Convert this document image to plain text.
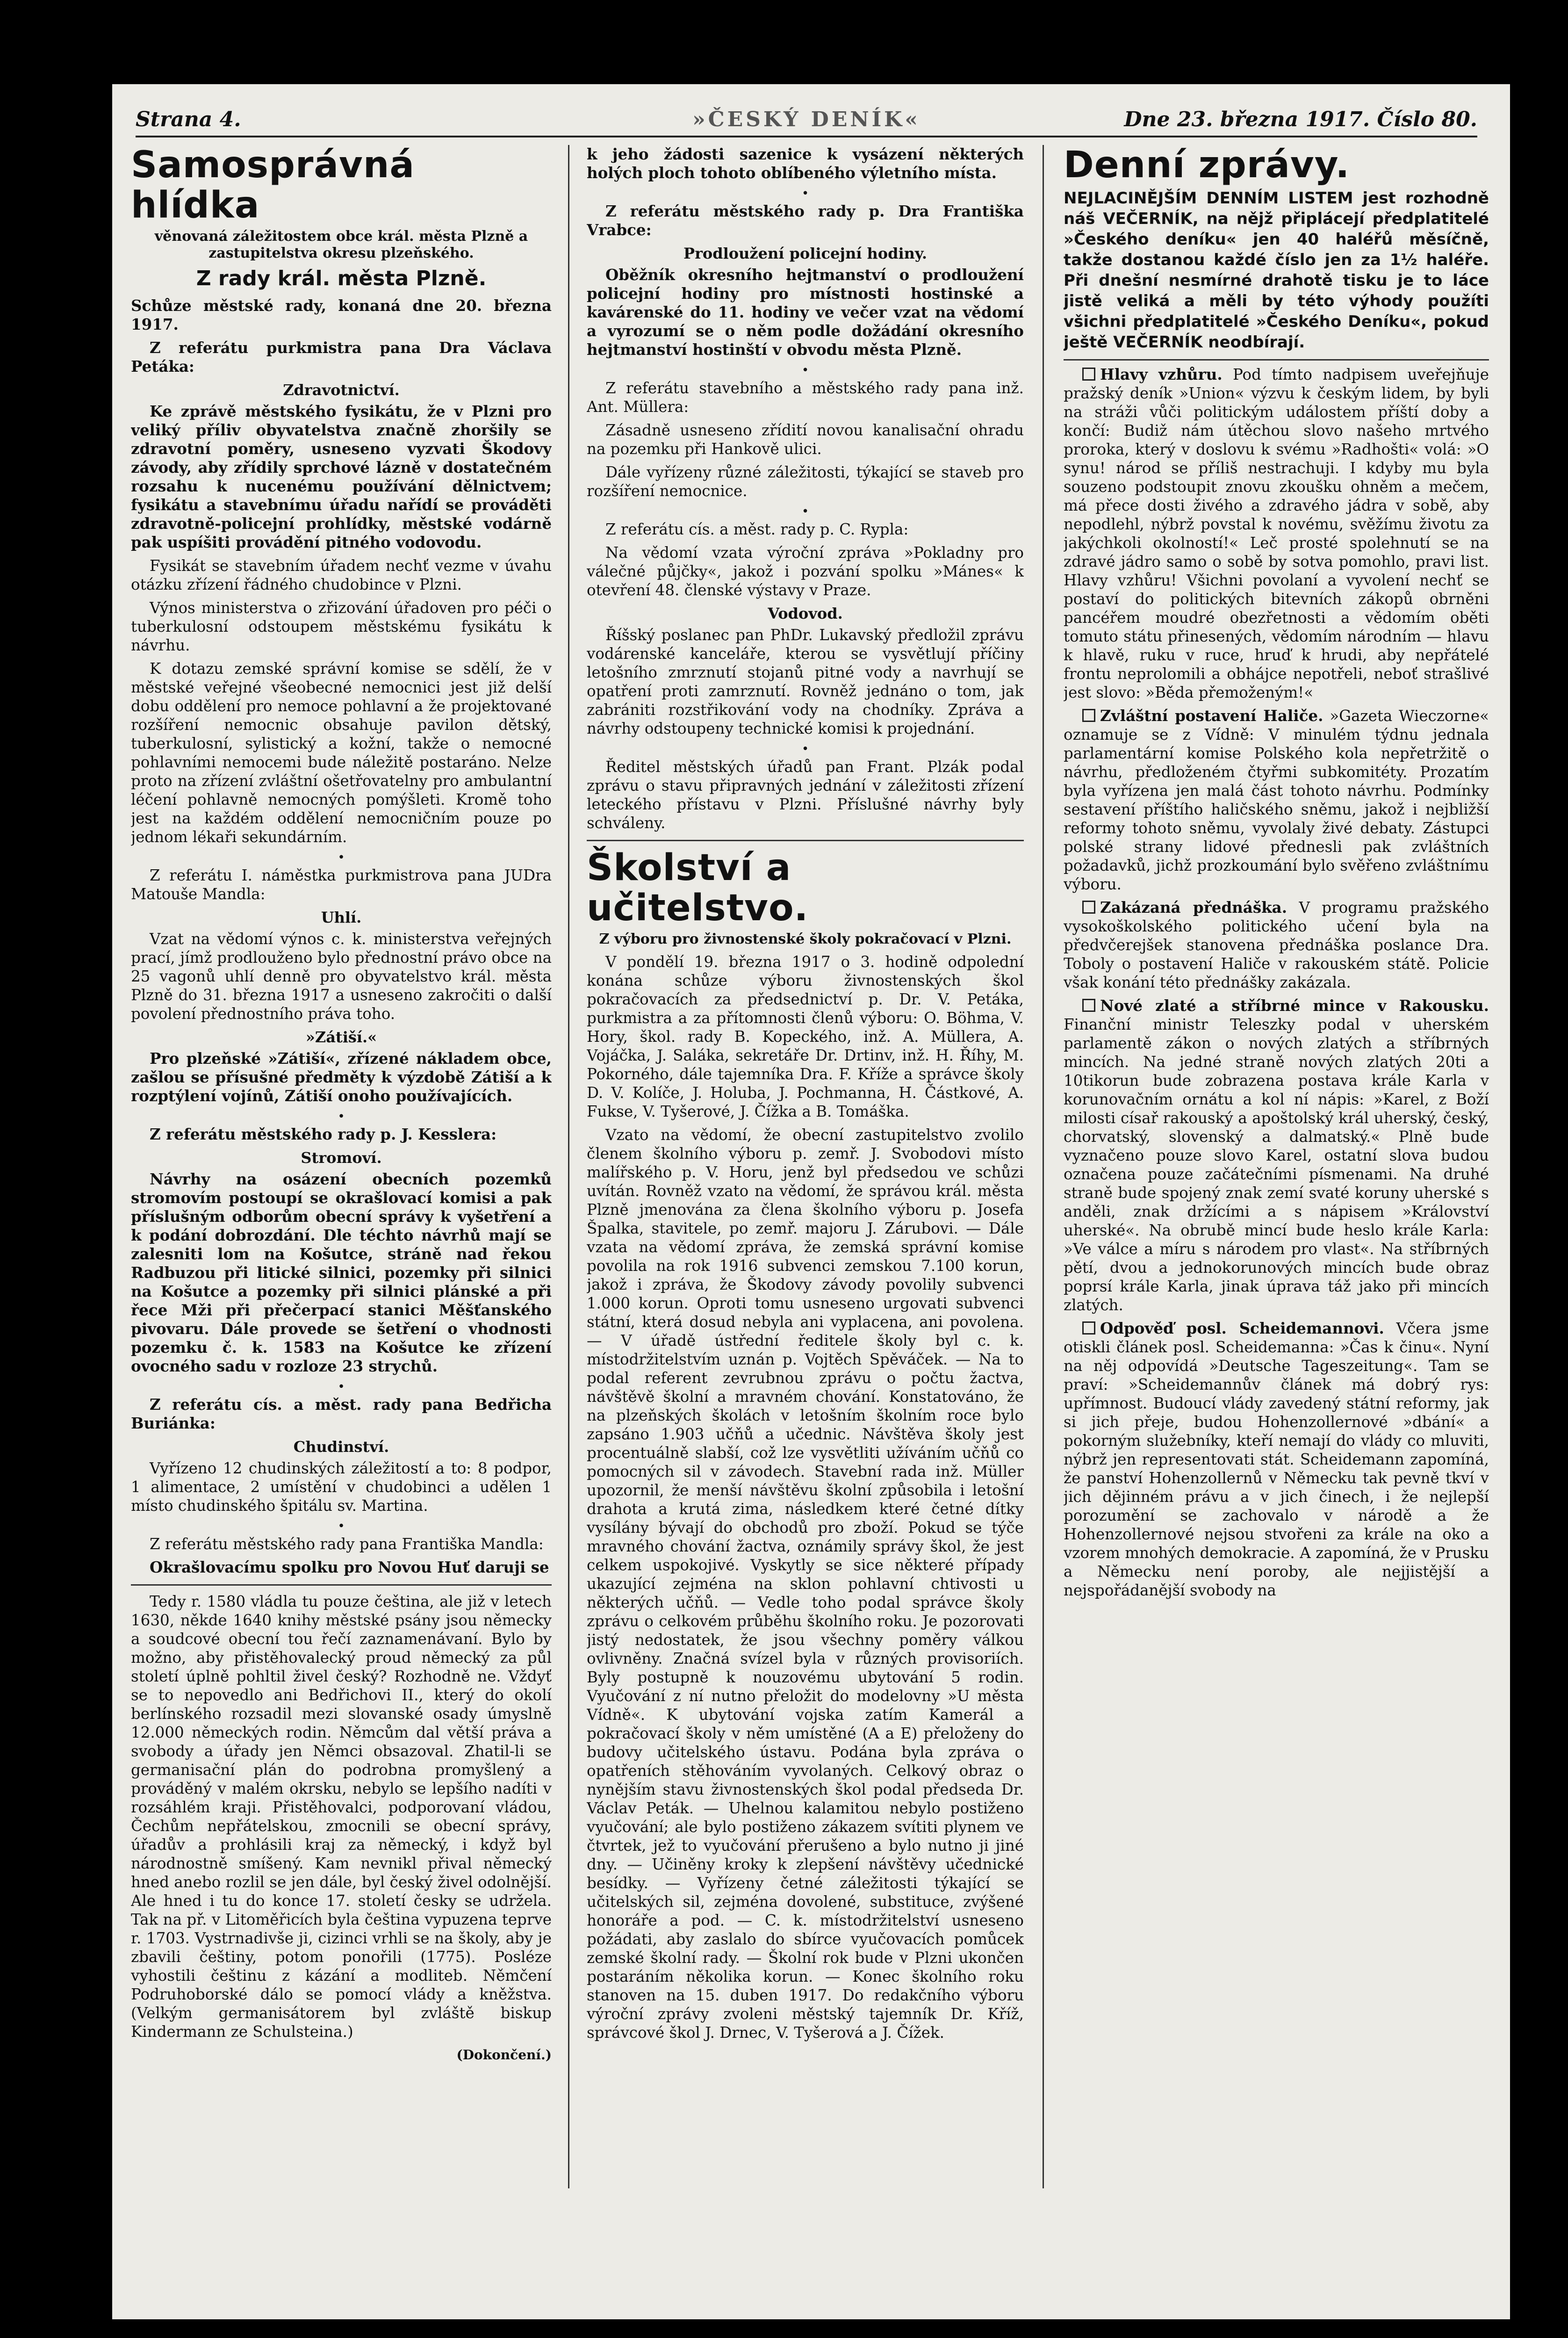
Strana 4.	»ČESKÝ DENÍK«	Dne 23. března 1917. Číslo 80.
Samosprávná hlídka
věnovaná záležitostem obce král. města Plzně a zastupitelstva okresu plzeňského.
Z rady král. města Plzně.

Schůze městské rady, konaná dne 20. března 1917.

Z referátu purkmistra pana Dra Václava Petáka:

Zdravotnictví.

Ke zprávě městského fysikátu, že v Plzni pro veliký příliv obyvatelstva značně zhoršily se zdravotní poměry, usneseno vyzvati Škodovy závody, aby zřídily sprchové lázně v dostatečném rozsahu k nucenému používání dělnictvem; fysikátu a stavebnímu úřadu nařídí se prováděti zdravotně-policejní prohlídky, městské vodárně pak uspíšiti provádění pitného vodovodu.

Fysikát se stavebním úřadem nechť vezme v úvahu otázku zřízení řádného chudobince v Plzni.

Výnos ministerstva o zřizování úřadoven pro péči o tuberkulosní odstoupem městskému fysikátu k návrhu.

K dotazu zemské správní komise se sdělí, že v městské veřejné všeobecné nemocnici jest již delší dobu oddělení pro nemoce pohlavní a že projektované rozšíření nemocnic obsahuje pavilon dětský, tuberkulosní, sylistický a kožní, takže o nemocné pohlavními nemocemi bude náležitě postaráno. Nelze proto na zřízení zvláštní ošetřovatelny pro ambulantní léčení pohlavně nemocných pomýšleti. Kromě toho jest na každém oddělení nemocničním pouze po jednom lékaři sekundárním.

•

Z referátu I. náměstka purkmistrova pana JUDra Matouše Mandla:

Uhlí.

Vzat na vědomí výnos c. k. ministerstva veřejných prací, jímž prodlouženo bylo přednostní právo obce na 25 vagonů uhlí denně pro obyvatelstvo král. města Plzně do 31. března 1917 a usneseno zakročiti o další povolení přednostního práva toho.

»Zátiší.«

Pro plzeňské »Zátiší«, zřízené nákladem obce, zašlou se přísušné předměty k výzdobě Zátiší a k rozptýlení vojínů, Zátiší onoho používajících.

•

Z referátu městského rady p. J. Kesslera:

Stromoví.

Návrhy na osázení obecních pozemků stromovím postoupí se okrašlovací komisi a pak příslušným odborům obecní správy k vyšetření a k podání dobrozdání. Dle téchto návrhů mají se zalesniti lom na Košutce, stráně nad řekou Radbuzou při litické silnici, pozemky při silnici na Košutce a pozemky při silnici plánské a při řece Mži při přečerpací stanici Měšťanského pivovaru. Dále provede se šetření o vhodnosti pozemku č. k. 1583 na Košutce ke zřízení ovocného sadu v rozloze 23 strychů.

•

Z referátu cís. a měst. rady pana Bedřicha Buriánka:

Chudinství.

Vyřízeno 12 chudinských záležitostí a to: 8 podpor, 1 alimentace, 2 umístění v chudobinci a udělen 1 místo chudinského špitálu sv. Martina.

•

Z referátu městského rady pana Františka Mandla:

Okrašlovacímu spolku pro Novou Huť daruji se

Tedy r. 1580 vládla tu pouze čeština, ale již v letech 1630, někde 1640 knihy městské psány jsou německy a soudcové obecní tou řečí zaznamenávaní. Bylo by možno, aby přistěhovalecký proud německý za půl století úplně pohltil živel český? Rozhodně ne. Vždyť se to nepovedlo ani Bedřichovi II., který do okolí berlínského rozsadil mezi slovanské osady úmyslně 12.000 německých rodin. Němcům dal větší práva a svobody a úřady jen Němci obsazoval. Zhatil-li se germanisační plán do podrobna promyšlený a prováděný v malém okrsku, nebylo se lepšího nadíti v rozsáhlém kraji. Přistěhovalci, podporovaní vládou, Čechům nepřátelskou, zmocnili se obecní správy, úřadův a prohlásili kraj za německý, i když byl národnostně smíšený. Kam nevnikl přival německý hned anebo rozlil se jen dále, byl český živel odolnější. Ale hned i tu do konce 17. století česky se udržela. Tak na př. v Litoměřicích byla čeština vypuzena teprve r. 1703. Vystrnadivše ji, cizinci vrhli se na školy, aby je zbavili češtiny, potom ponořili (1775). Posléze vyhostili češtinu z kázání a modliteb. Němčení Podruhoborské dálo se pomocí vlády a kněžstva. (Velkým germanisátorem byl zvláště biskup Kindermann ze Schulsteina.)

(Dokončení.)

k jeho žádosti sazenice k vysázení některých holých ploch tohoto oblíbeného výletního místa.

•

Z referátu městského rady p. Dra Františka Vrabce:

Prodloužení policejní hodiny.

Oběžník okresního hejtmanství o prodloužení policejní hodiny pro místnosti hostinské a kavárenské do 11. hodiny ve večer vzat na vědomí a vyrozumí se o něm podle dožádání okresního hejtmanství hostinští v obvodu města Plzně.

•

Z referátu stavebního a městského rady pana inž. Ant. Müllera:

Zásadně usneseno zřídití novou kanalisační ohradu na pozemku při Hankově ulici.

Dále vyřízeny různé záležitosti, týkající se staveb pro rozšíření nemocnice.

•

Z referátu cís. a měst. rady p. C. Rypla:

Na vědomí vzata výroční zpráva »Pokladny pro válečné půjčky«, jakož i pozvání spolku »Mánes« k otevření 48. členské výstavy v Praze.

Vodovod.

Říšský poslanec pan PhDr. Lukavský předložil zprávu vodárenské kanceláře, kterou se vysvětlují příčiny letošního zmrznutí stojanů pitné vody a navrhují se opatření proti zamrznutí. Rovněž jednáno o tom, jak zabrániti rozstřikování vody na chodníky. Zpráva a návrhy odstoupeny technické komisi k projednání.

•

Ředitel městských úřadů pan Frant. Plzák podal zprávu o stavu připravných jednání v záležitosti zřízení leteckého přístavu v Plzni. Příslušné návrhy byly schváleny.

Školství a učitelstvo.
Z výboru pro živnostenské školy pokračovací v Plzni.

V pondělí 19. března 1917 o 3. hodině odpolední konána schůze výboru živnostenských škol pokračovacích za předsednictví p. Dr. V. Petáka, purkmistra a za přítomnosti členů výboru: O. Böhma, V. Hory, škol. rady B. Kopeckého, inž. A. Müllera, A. Vojáčka, J. Saláka, sekretáře Dr. Drtinv, inž. H. Říhy, M. Pokorného, dále tajemníka Dra. F. Kříže a správce školy D. V. Kolíče, J. Holuba, J. Pochmanna, H. Částkové, A. Fukse, V. Tyšerové, J. Čížka a B. Tomáška.

Vzato na vědomí, že obecní zastupitelstvo zvolilo členem školního výboru p. zemř. J. Svobodovi místo malířského p. V. Horu, jenž byl předsedou ve schůzi uvítán. Rovněž vzato na vědomí, že správou král. města Plzně jmenována za člena školního výboru p. Josefa Špalka, stavitele, po zemř. majoru J. Zárubovi. — Dále vzata na vědomí zpráva, že zemská správní komise povolila na rok 1916 subvenci zemskou 7.100 korun, jakož i zpráva, že Škodovy závody povolily subvenci 1.000 korun. Oproti tomu usneseno urgovati subvenci státní, která dosud nebyla ani vyplacena, ani povolena. — V úřadě ústřední ředitele školy byl c. k. místodržitelstvím uznán p. Vojtěch Spěváček. — Na to podal referent zevrubnou zprávu o počtu žactva, návštěvě školní a mravném chování. Konstatováno, že na plzeňských školách v letošním školním roce bylo zapsáno 1.903 učňů a učednic. Návštěva školy jest procentuálně slabší, což lze vysvětliti užíváním učňů co pomocných sil v závodech. Stavební rada inž. Müller upozornil, že menší návštěvu školní způsobila i letošní drahota a krutá zima, následkem které četné dítky vysílány bývají do obchodů pro zboží. Pokud se týče mravného chování žactva, oznámily správy škol, že jest celkem uspokojivé. Vyskytly se sice některé případy ukazující zejména na sklon pohlavní chtivosti u některých učňů. — Vedle toho podal správce školy zprávu o celkovém průběhu školního roku. Je pozorovati jistý nedostatek, že jsou všechny poměry válkou ovlivněny. Značná svízel byla v různých provisoriích. Byly postupně k nouzovému ubytování 5 rodin. Vyučování z ní nutno přeložit do modelovny »U města Vídně«. K ubytování vojska zatím Kamerál a pokračovací školy v něm umístěné (A a E) přeloženy do budovy učitelského ústavu. Podána byla zpráva o opatřeních stěhováním vyvolaných. Celkový obraz o nynějším stavu živnostenských škol podal předseda Dr. Václav Peták. — Uhelnou kalamitou nebylo postiženo vyučování; ale bylo postiženo zákazem svítiti plynem ve čtvrtek, jež to vyučování přerušeno a bylo nutno ji jiné dny. — Učiněny kroky k zlepšení návštěvy učednické besídky. — Vyřízeny četné záležitosti týkající se učitelských sil, zejména dovolené, substituce, zvýšené honoráře a pod. — C. k. místodržitelství usneseno požádati, aby zaslalo do sbírce vyučovacích pomůcek zemské školní rady. — Školní rok bude v Plzni ukončen postaráním několika korun. — Konec školního roku stanoven na 15. duben 1917. Do redakčního výboru výroční zprávy zvoleni městský tajemník Dr. Kříž, správcové škol J. Drnec, V. Tyšerová a J. Čížek.

Denní zprávy.
NEJLACINĚJŠÍM DENNÍM LISTEM jest rozhodně náš VEČERNÍK, na nějž připlácejí předplatitelé »Českého deníku« jen 40 haléřů měsíčně, takže dostanou každé číslo jen za 1½ haléře. Při dnešní nesmírné drahotě tisku je to láce jistě veliká a měli by této výhody použíti všichni předplatitelé »Českého Deníku«, pokud ještě VEČERNÍK neodbírají.

Hlavy vzhůru. Pod tímto nadpisem uveřejňuje pražský deník »Union« výzvu k českým lidem, by byli na stráži vůči politickým událostem příští doby a končí: Budiž nám útěchou slovo našeho mrtvého proroka, který v doslovu k svému »Radhošti« volá: »O synu! národ se příliš nestrachuji. I kdyby mu byla souzeno podstoupit znovu zkoušku ohněm a mečem, má přece dosti živého a zdravého jádra v sobě, aby nepodlehl, nýbrž povstal k novému, svěžímu životu za jakýchkoli okolností!« Leč prosté spolehnutí se na zdravé jádro samo o sobě by sotva pomohlo, pravi list. Hlavy vzhůru! Všichni povolaní a vyvolení nechť se postaví do politických bitevních zákopů obrněni pancéřem moudré obezřetnosti a vědomím oběti tomuto státu přinesených, vědomím národním — hlavu k hlavě, ruku v ruce, hruď k hrudi, aby nepřátelé frontu neprolomili a obhájce nepotřeli, neboť strašlivé jest slovo: »Běda přemoženým!«

Zvláštní postavení Haliče. »Gazeta Wieczorne« oznamuje se z Vídně: V minulém týdnu jednala parlamentární komise Polského kola nepřetržitě o návrhu, předloženém čtyřmi subkomitéty. Prozatím byla vyřízena jen malá část tohoto návrhu. Podmínky sestavení příštího haličského sněmu, jakož i nejbližší reformy tohoto sněmu, vyvolaly živé debaty. Zástupci polské strany lidové přednesli pak zvláštních požadavků, jichž prozkoumání bylo svěřeno zvláštnímu výboru.

Zakázaná přednáška. V programu pražského vysokoškolského politického učení byla na předvčerejšek stanovena přednáška poslance Dra. Toboly o postavení Haliče v rakouském státě. Policie však konání této přednášky zakázala.

Nové zlaté a stříbrné mince v Rakousku. Finanční ministr Teleszky podal v uherském parlamentě zákon o nových zlatých a stříbrných mincích. Na jedné straně nových zlatých 20ti a 10tikorun bude zobrazena postava krále Karla v korunovačním ornátu a kol ní nápis: »Karel, z Boží milosti císař rakouský a apoštolský král uherský, český, chorvatský, slovenský a dalmatský.« Plně bude vyznačeno pouze slovo Karel, ostatní slova budou označena pouze začátečními písmenami. Na druhé straně bude spojený znak zemí svaté koruny uherské s anděli, znak držícími a s nápisem »Království uherské«. Na obrubě mincí bude heslo krále Karla: »Ve válce a míru s národem pro vlast«. Na stříbrných pětí, dvou a jednokorunových mincích bude obraz poprsí krále Karla, jinak úprava táž jako při mincích zlatých.

Odpověď posl. Scheidemannovi. Včera jsme otiskli článek posl. Scheidemanna: »Čas k činu«. Nyní na něj odpovídá »Deutsche Tageszeitung«. Tam se praví: »Scheidemannův článek má dobrý rys: upřímnost. Budoucí vlády zavedený státní reformy, jak si jich přeje, budou Hohenzollernové »dbání« a pokorným služebníky, kteří nemají do vlády co mluviti, nýbrž jen representovati stát. Scheidemann zapomíná, že panství Hohenzollernů v Německu tak pevně tkví v jich dějinném právu a v jich činech, i že nejlepší porozumění se zachovalo v národě a že Hohenzollernové nejsou stvořeni za krále na oko a vzorem mnohých demokracie. A zapomíná, že v Prusku a Německu není poroby, ale nejjistější a nejspořádanější svobody na
